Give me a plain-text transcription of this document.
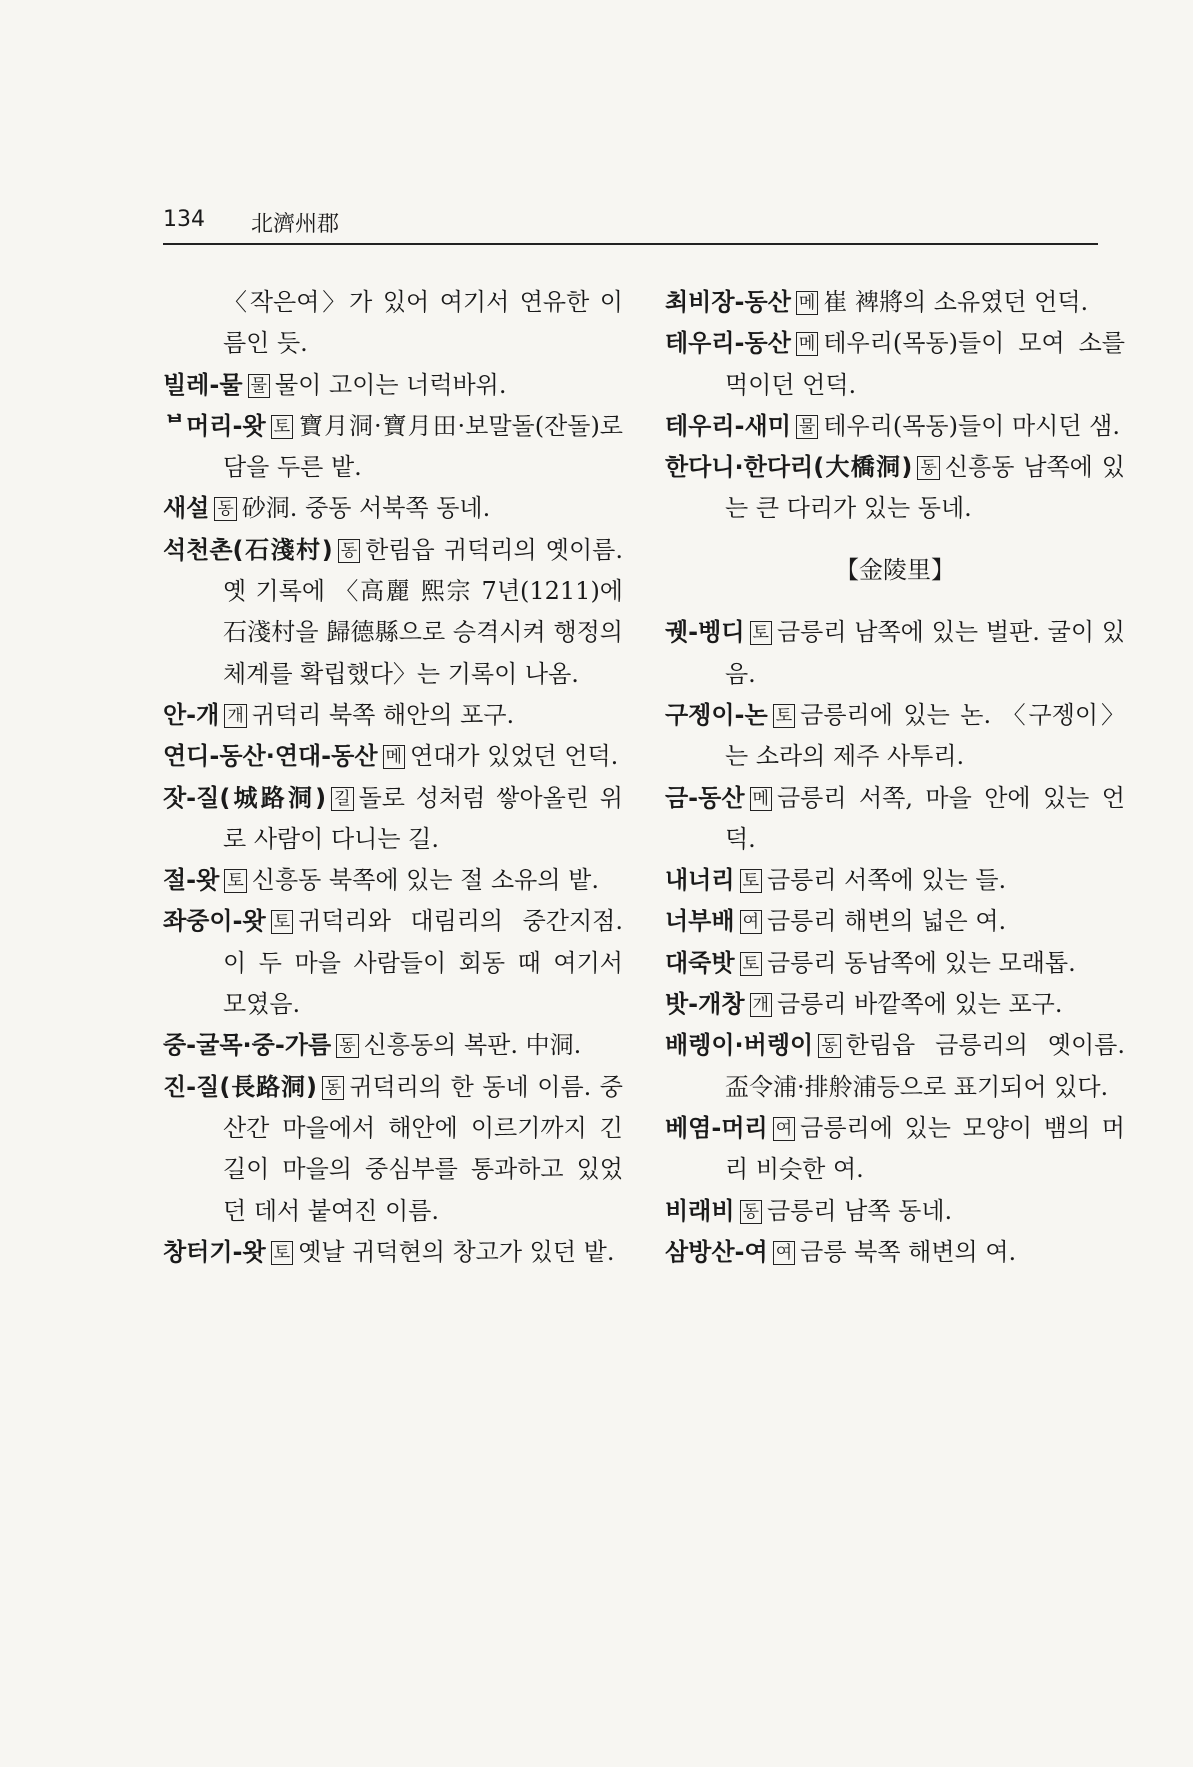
134 北濟州郡
〈작은여〉가 있어 여기서 연유한 이름인 듯.
빌레-물 물 물이 고이는 너럭바위.
ᄇ머리-왓 토 寶月洞·寶月田·보말돌(잔돌)로 담을 두른 밭.
새설 동 砂洞. 중동 서북쪽 동네.
석천촌(石淺村) 동 한림읍 귀덕리의 옛이름. 옛 기록에 〈高麗 熙宗 7년(1211)에 石淺村을 歸德縣으로 승격시켜 행정의 체계를 확립했다〉는 기록이 나옴.
안-개 개 귀덕리 북쪽 해안의 포구.
연디-동산·연대-동산 메 연대가 있었던 언덕.
잣-질(城路洞) 길 돌로 성처럼 쌓아올린 위로 사람이 다니는 길.
절-왓 토 신흥동 북쪽에 있는 절 소유의 밭.
좌중이-왓 토 귀덕리와 대림리의 중간지점. 이 두 마을 사람들이 회동 때 여기서 모였음.
중-굴목·중-가름 동 신흥동의 복판. 中洞.
진-질(長路洞) 동 귀덕리의 한 동네 이름. 중산간 마을에서 해안에 이르기까지 긴 길이 마을의 중심부를 통과하고 있었던 데서 붙여진 이름.
창터기-왓 토 옛날 귀덕현의 창고가 있던 밭.
최비장-동산 메 崔 裨將의 소유였던 언덕.
테우리-동산 메 테우리(목동)들이 모여 소를 먹이던 언덕.
테우리-새미 물 테우리(목동)들이 마시던 샘.
한다니·한다리(大橋洞) 동 신흥동 남쪽에 있는 큰 다리가 있는 동네.
【金陵里】
궷-벵디 토 금릉리 남쪽에 있는 벌판. 굴이 있음.
구젱이-논 토 금릉리에 있는 논. 〈구젱이〉는 소라의 제주 사투리.
금-동산 메 금릉리 서쪽, 마을 안에 있는 언덕.
내너리 토 금릉리 서쪽에 있는 들.
너부배 여 금릉리 해변의 넓은 여.
대죽밧 토 금릉리 동남쪽에 있는 모래톱.
밧-개창 개 금릉리 바깥쪽에 있는 포구.
배렝이·버렝이 동 한림읍 금릉리의 옛이름. 盃令浦·排舲浦등으로 표기되어 있다.
베염-머리 여 금릉리에 있는 모양이 뱀의 머리 비슷한 여.
비래비 동 금릉리 남쪽 동네.
삼방산-여 여 금릉 북쪽 해변의 여.
